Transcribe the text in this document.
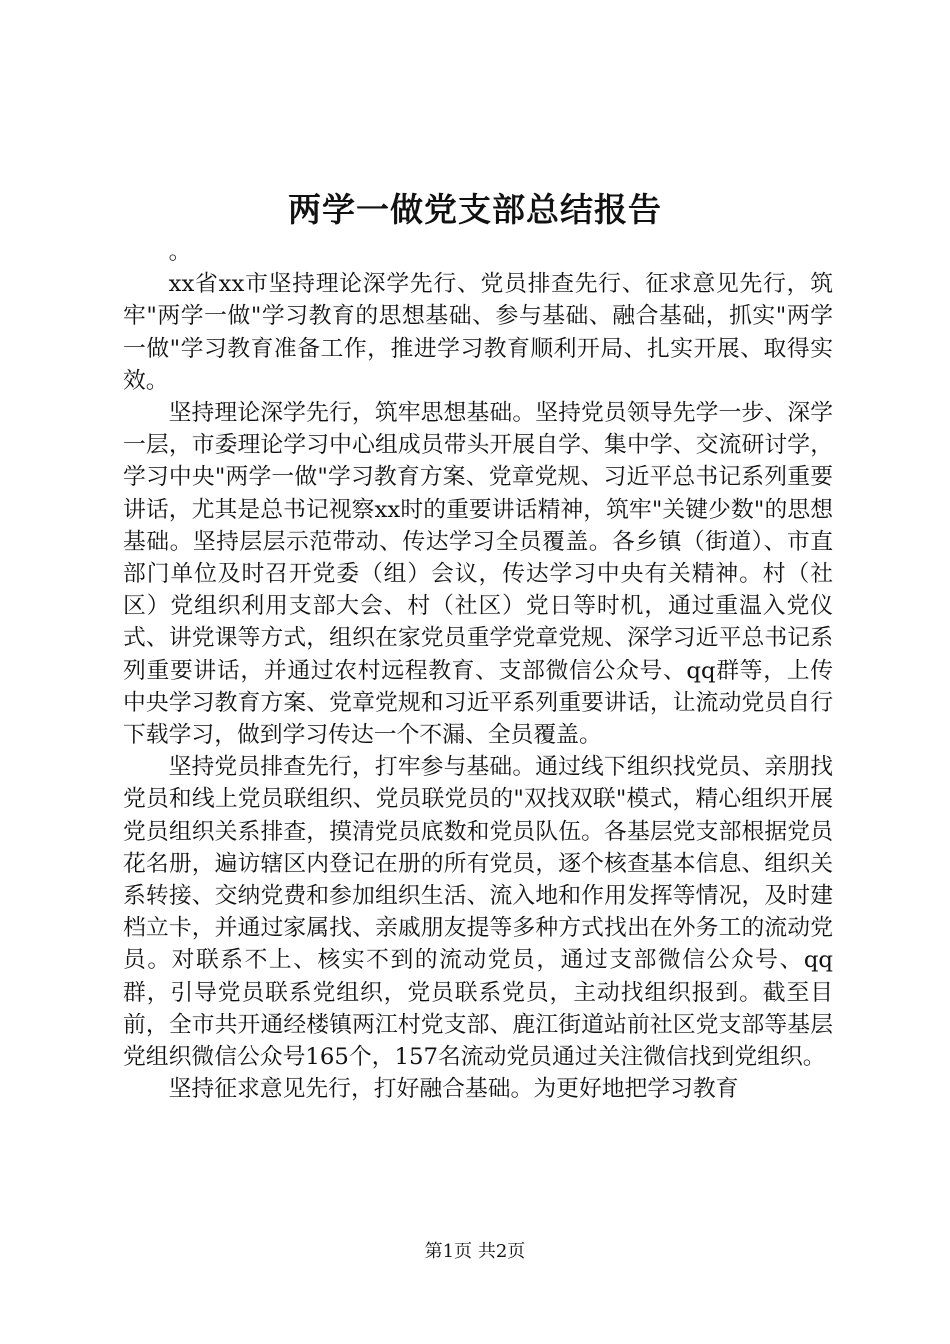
两学一做党支部总结报告

。

xx省xx市坚持理论深学先行、党员排查先行、征求意见先行，筑牢"两学一做"学习教育的思想基础、参与基础、融合基础，抓实"两学一做"学习教育准备工作，推进学习教育顺利开局、扎实开展、取得实效。

坚持理论深学先行，筑牢思想基础。坚持党员领导先学一步、深学一层，市委理论学习中心组成员带头开展自学、集中学、交流研讨学，学习中央"两学一做"学习教育方案、党章党规、习近平总书记系列重要讲话，尤其是总书记视察xx时的重要讲话精神，筑牢"关键少数"的思想基础。坚持层层示范带动、传达学习全员覆盖。各乡镇（街道）、市直部门单位及时召开党委（组）会议，传达学习中央有关精神。村（社区）党组织利用支部大会、村（社区）党日等时机，通过重温入党仪式、讲党课等方式，组织在家党员重学党章党规、深学习近平总书记系列重要讲话，并通过农村远程教育、支部微信公众号、qq群等，上传中央学习教育方案、党章党规和习近平系列重要讲话，让流动党员自行下载学习，做到学习传达一个不漏、全员覆盖。

坚持党员排查先行，打牢参与基础。通过线下组织找党员、亲朋找党员和线上党员联组织、党员联党员的"双找双联"模式，精心组织开展党员组织关系排查，摸清党员底数和党员队伍。各基层党支部根据党员花名册，遍访辖区内登记在册的所有党员，逐个核查基本信息、组织关系转接、交纳党费和参加组织生活、流入地和作用发挥等情况，及时建档立卡，并通过家属找、亲戚朋友提等多种方式找出在外务工的流动党员。对联系不上、核实不到的流动党员，通过支部微信公众号、qq群，引导党员联系党组织，党员联系党员，主动找组织报到。截至目前，全市共开通经楼镇两江村党支部、鹿江街道站前社区党支部等基层党组织微信公众号165个，157名流动党员通过关注微信找到党组织。

坚持征求意见先行，打好融合基础。为更好地把学习教育

第1页 共2页
